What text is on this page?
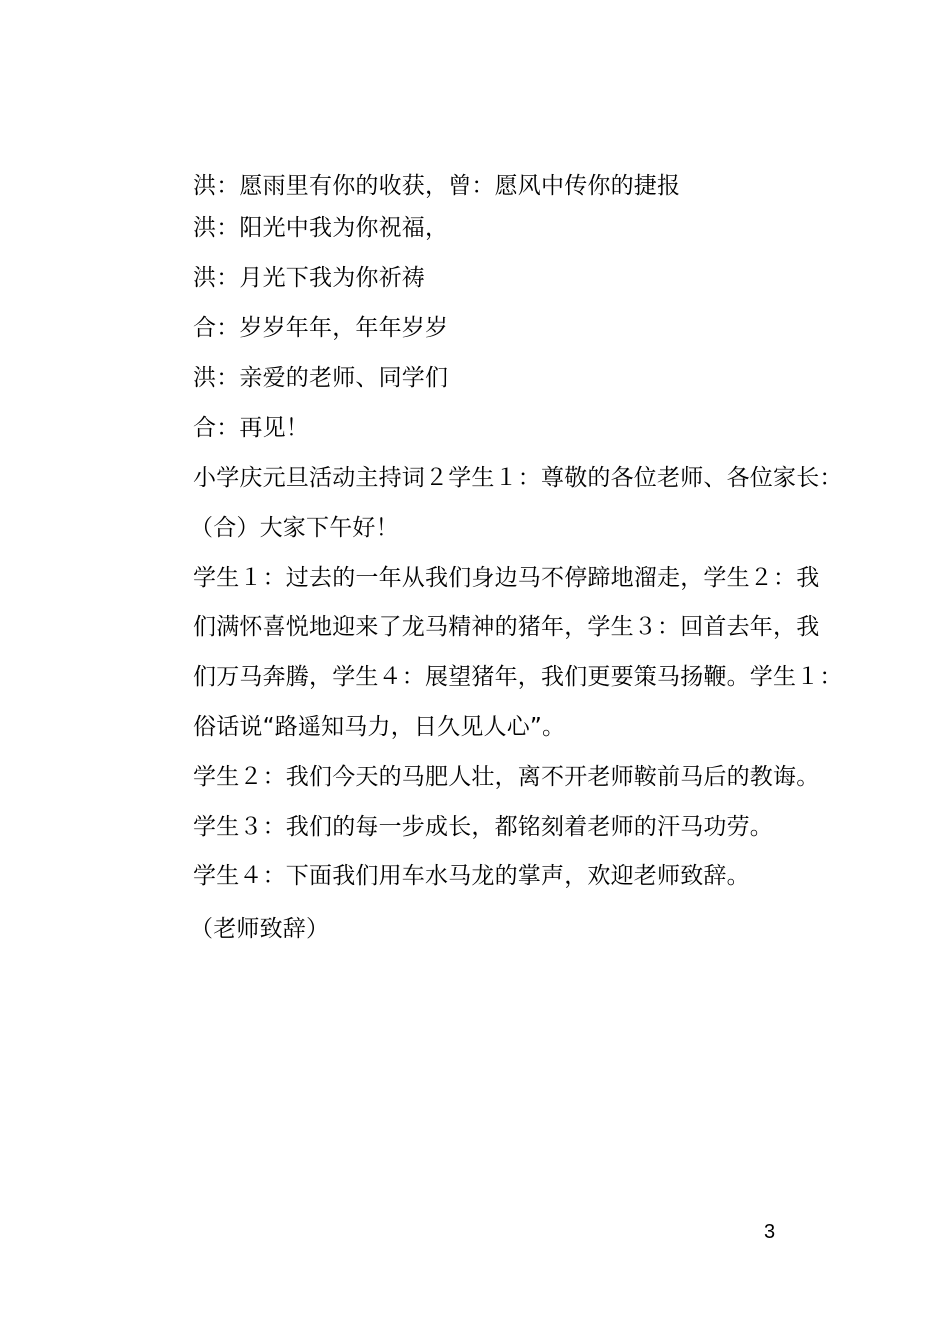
洪：愿雨里有你的收获，曾：愿风中传你的捷报
洪：阳光中我为你祝福，
洪：月光下我为你祈祷
合：岁岁年年，年年岁岁
洪：亲爱的老师、同学们
合：再见！
小学庆元旦活动主持词２学生１：尊敬的各位老师、各位家长：
（合）大家下午好！
学生１：过去的一年从我们身边马不停蹄地溜走，学生２：我
们满怀喜悦地迎来了龙马精神的猪年，学生３：回首去年，我
们万马奔腾，学生４：展望猪年，我们更要策马扬鞭。学生１：
俗话说“路遥知马力，日久见人心”。
学生２：我们今天的马肥人壮，离不开老师鞍前马后的教诲。
学生３：我们的每一步成长，都铭刻着老师的汗马功劳。
学生４：下面我们用车水马龙的掌声，欢迎老师致辞。
（老师致辞）
3
